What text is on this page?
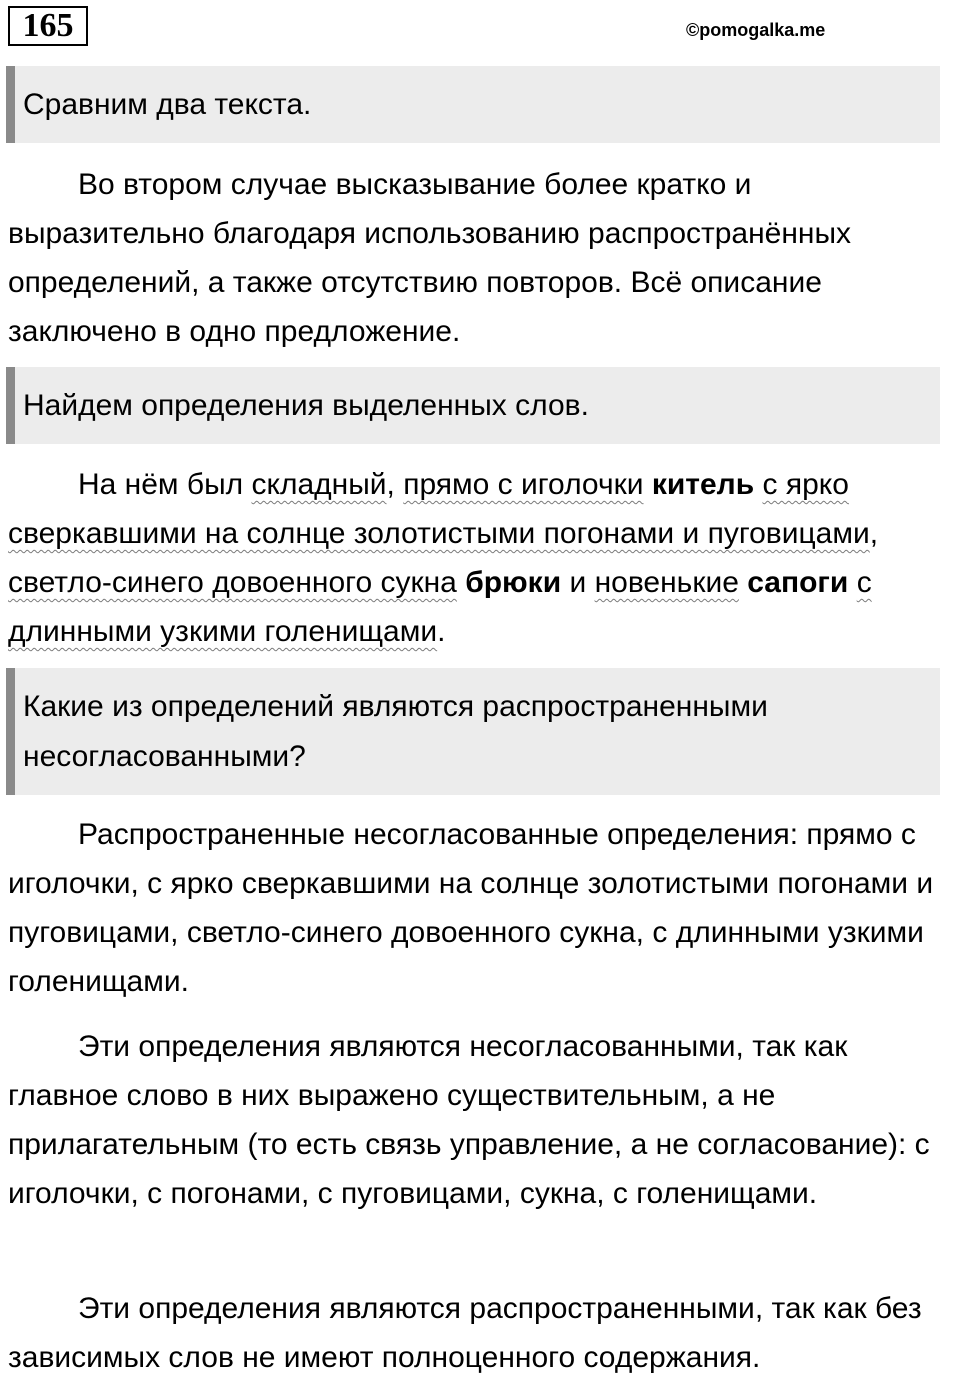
165	©pomogalka.me
Сравним два текста.

Во втором случае высказывание более кратко и выразительно благодаря использованию распространённых определений, а также отсутствию повторов. Всё описание заключено в одно предложение.

Найдем определения выделенных слов.

На нём был складный, прямо с иголочки китель с ярко сверкавшими на солнце золотистыми погонами и пуговицами, светло-синего довоенного сукна брюки и новенькие сапоги с длинными узкими голенищами.

Какие из определений являются распространенными несогласованными?

Распространенные несогласованные определения: прямо с иголочки, с ярко сверкавшими на солнце золотистыми погонами и пуговицами, светло-синего довоенного сукна, с длинными узкими голенищами.

Эти определения являются несогласованными, так как главное слово в них выражено существительным, а не прилагательным (то есть связь управление, а не согласование): с иголочки, с погонами, с пуговицами, сукна, с голенищами.

Эти определения являются распространенными, так как без зависимых слов не имеют полноценного содержания.
